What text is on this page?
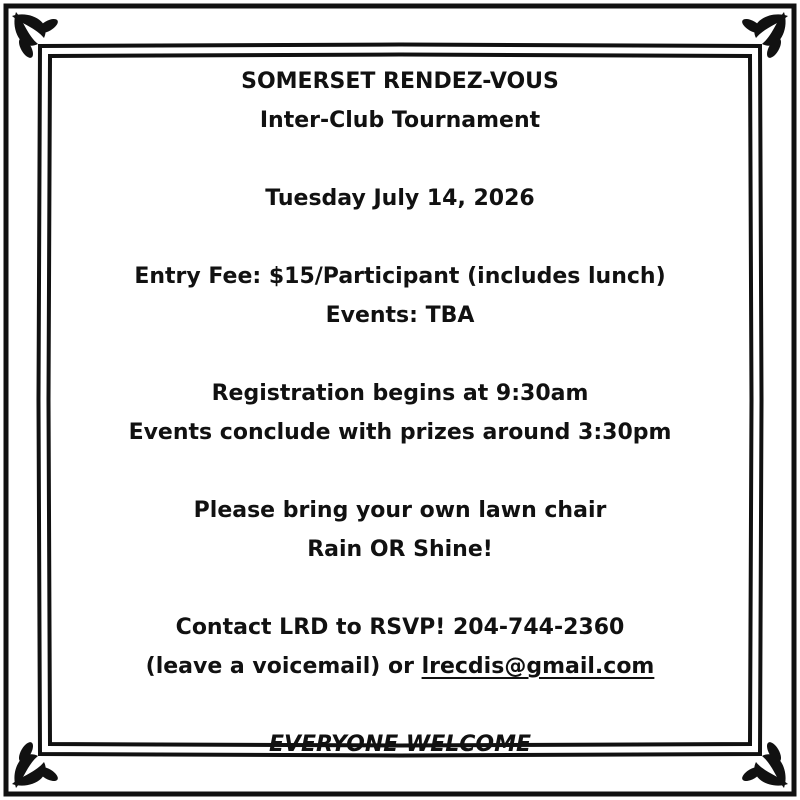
SOMERSET RENDEZ-VOUS

Inter-Club Tournament

Tuesday July 14, 2026

Entry Fee: $15/Participant (includes lunch)

Events: TBA

Registration begins at 9:30am

Events conclude with prizes around 3:30pm

Please bring your own lawn chair

Rain OR Shine!

Contact LRD to RSVP! 204-744-2360

(leave a voicemail) or lrecdis@gmail.com

EVERYONE WELCOME
